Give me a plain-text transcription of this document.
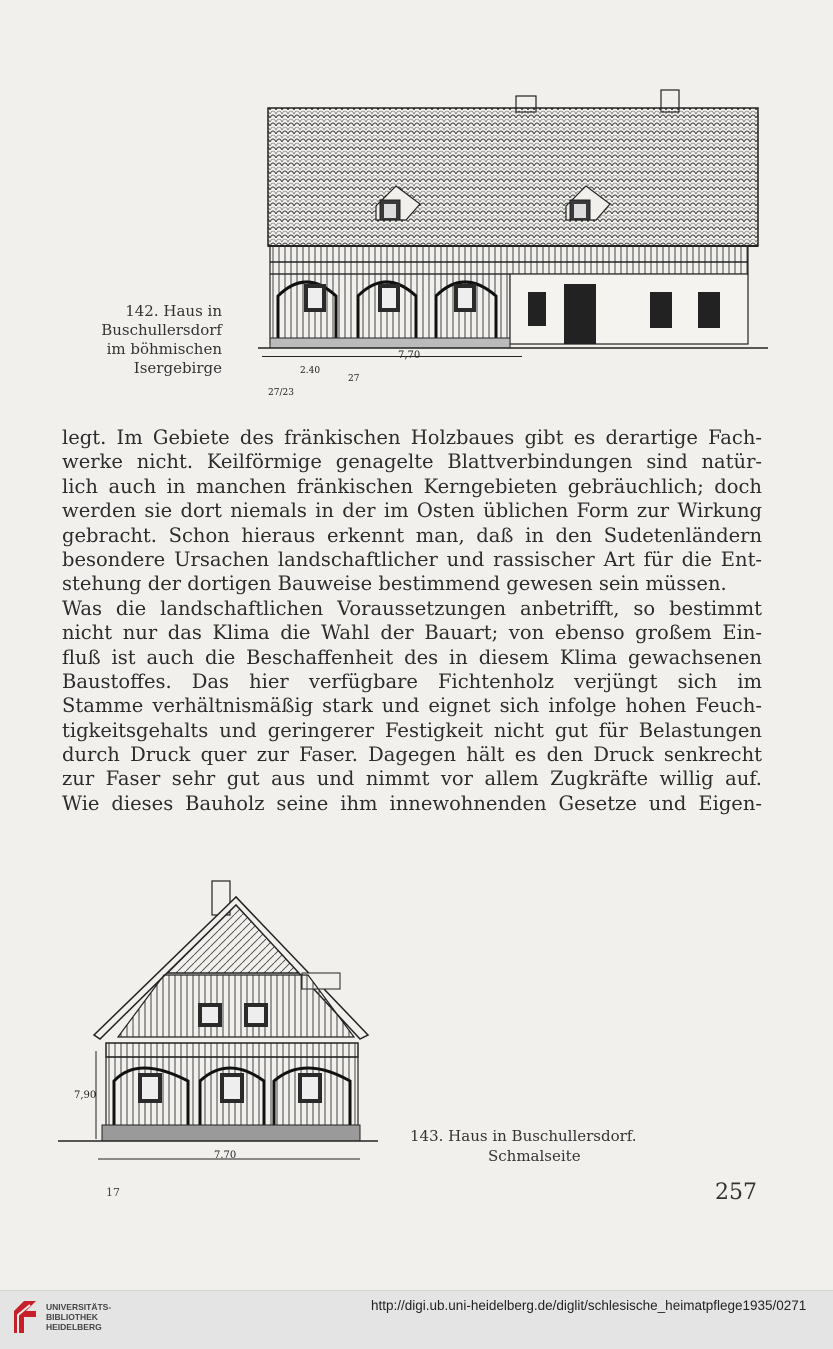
142. Haus in
Buschullersdorf
im böhmischen
Isergebirge
7,70
2.40
27
27/23
legt. Im Gebiete des fränkischen Holzbaues gibt es derartige Fach-
werke nicht. Keilförmige genagelte Blattverbindungen sind natür-
lich auch in manchen fränkischen Kerngebieten gebräuchlich; doch
werden sie dort niemals in der im Osten üblichen Form zur Wirkung
gebracht. Schon hieraus erkennt man, daß in den Sudetenländern
besondere Ursachen landschaftlicher und rassischer Art für die Ent-
stehung der dortigen Bauweise bestimmend gewesen sein müssen.
Was die landschaftlichen Voraussetzungen anbetrifft, so bestimmt
nicht nur das Klima die Wahl der Bauart; von ebenso großem Ein-
fluß ist auch die Beschaffenheit des in diesem Klima gewachsenen
Baustoffes. Das hier verfügbare Fichtenholz verjüngt sich im
Stamme verhältnismäßig stark und eignet sich infolge hohen Feuch-
tigkeitsgehalts und geringerer Festigkeit nicht gut für Belastungen
durch Druck quer zur Faser. Dagegen hält es den Druck senkrecht
zur Faser sehr gut aus und nimmt vor allem Zugkräfte willig auf.
Wie dieses Bauholz seine ihm innewohnenden Gesetze und Eigen-
7,90
7.70
143. Haus in Buschullersdorf.
Schmalseite
17	257
UNIVERSITÄTS-
BIBLIOTHEK
HEIDELBERG
http://digi.ub.uni-heidelberg.de/diglit/schlesische_heimatpflege1935/0271
